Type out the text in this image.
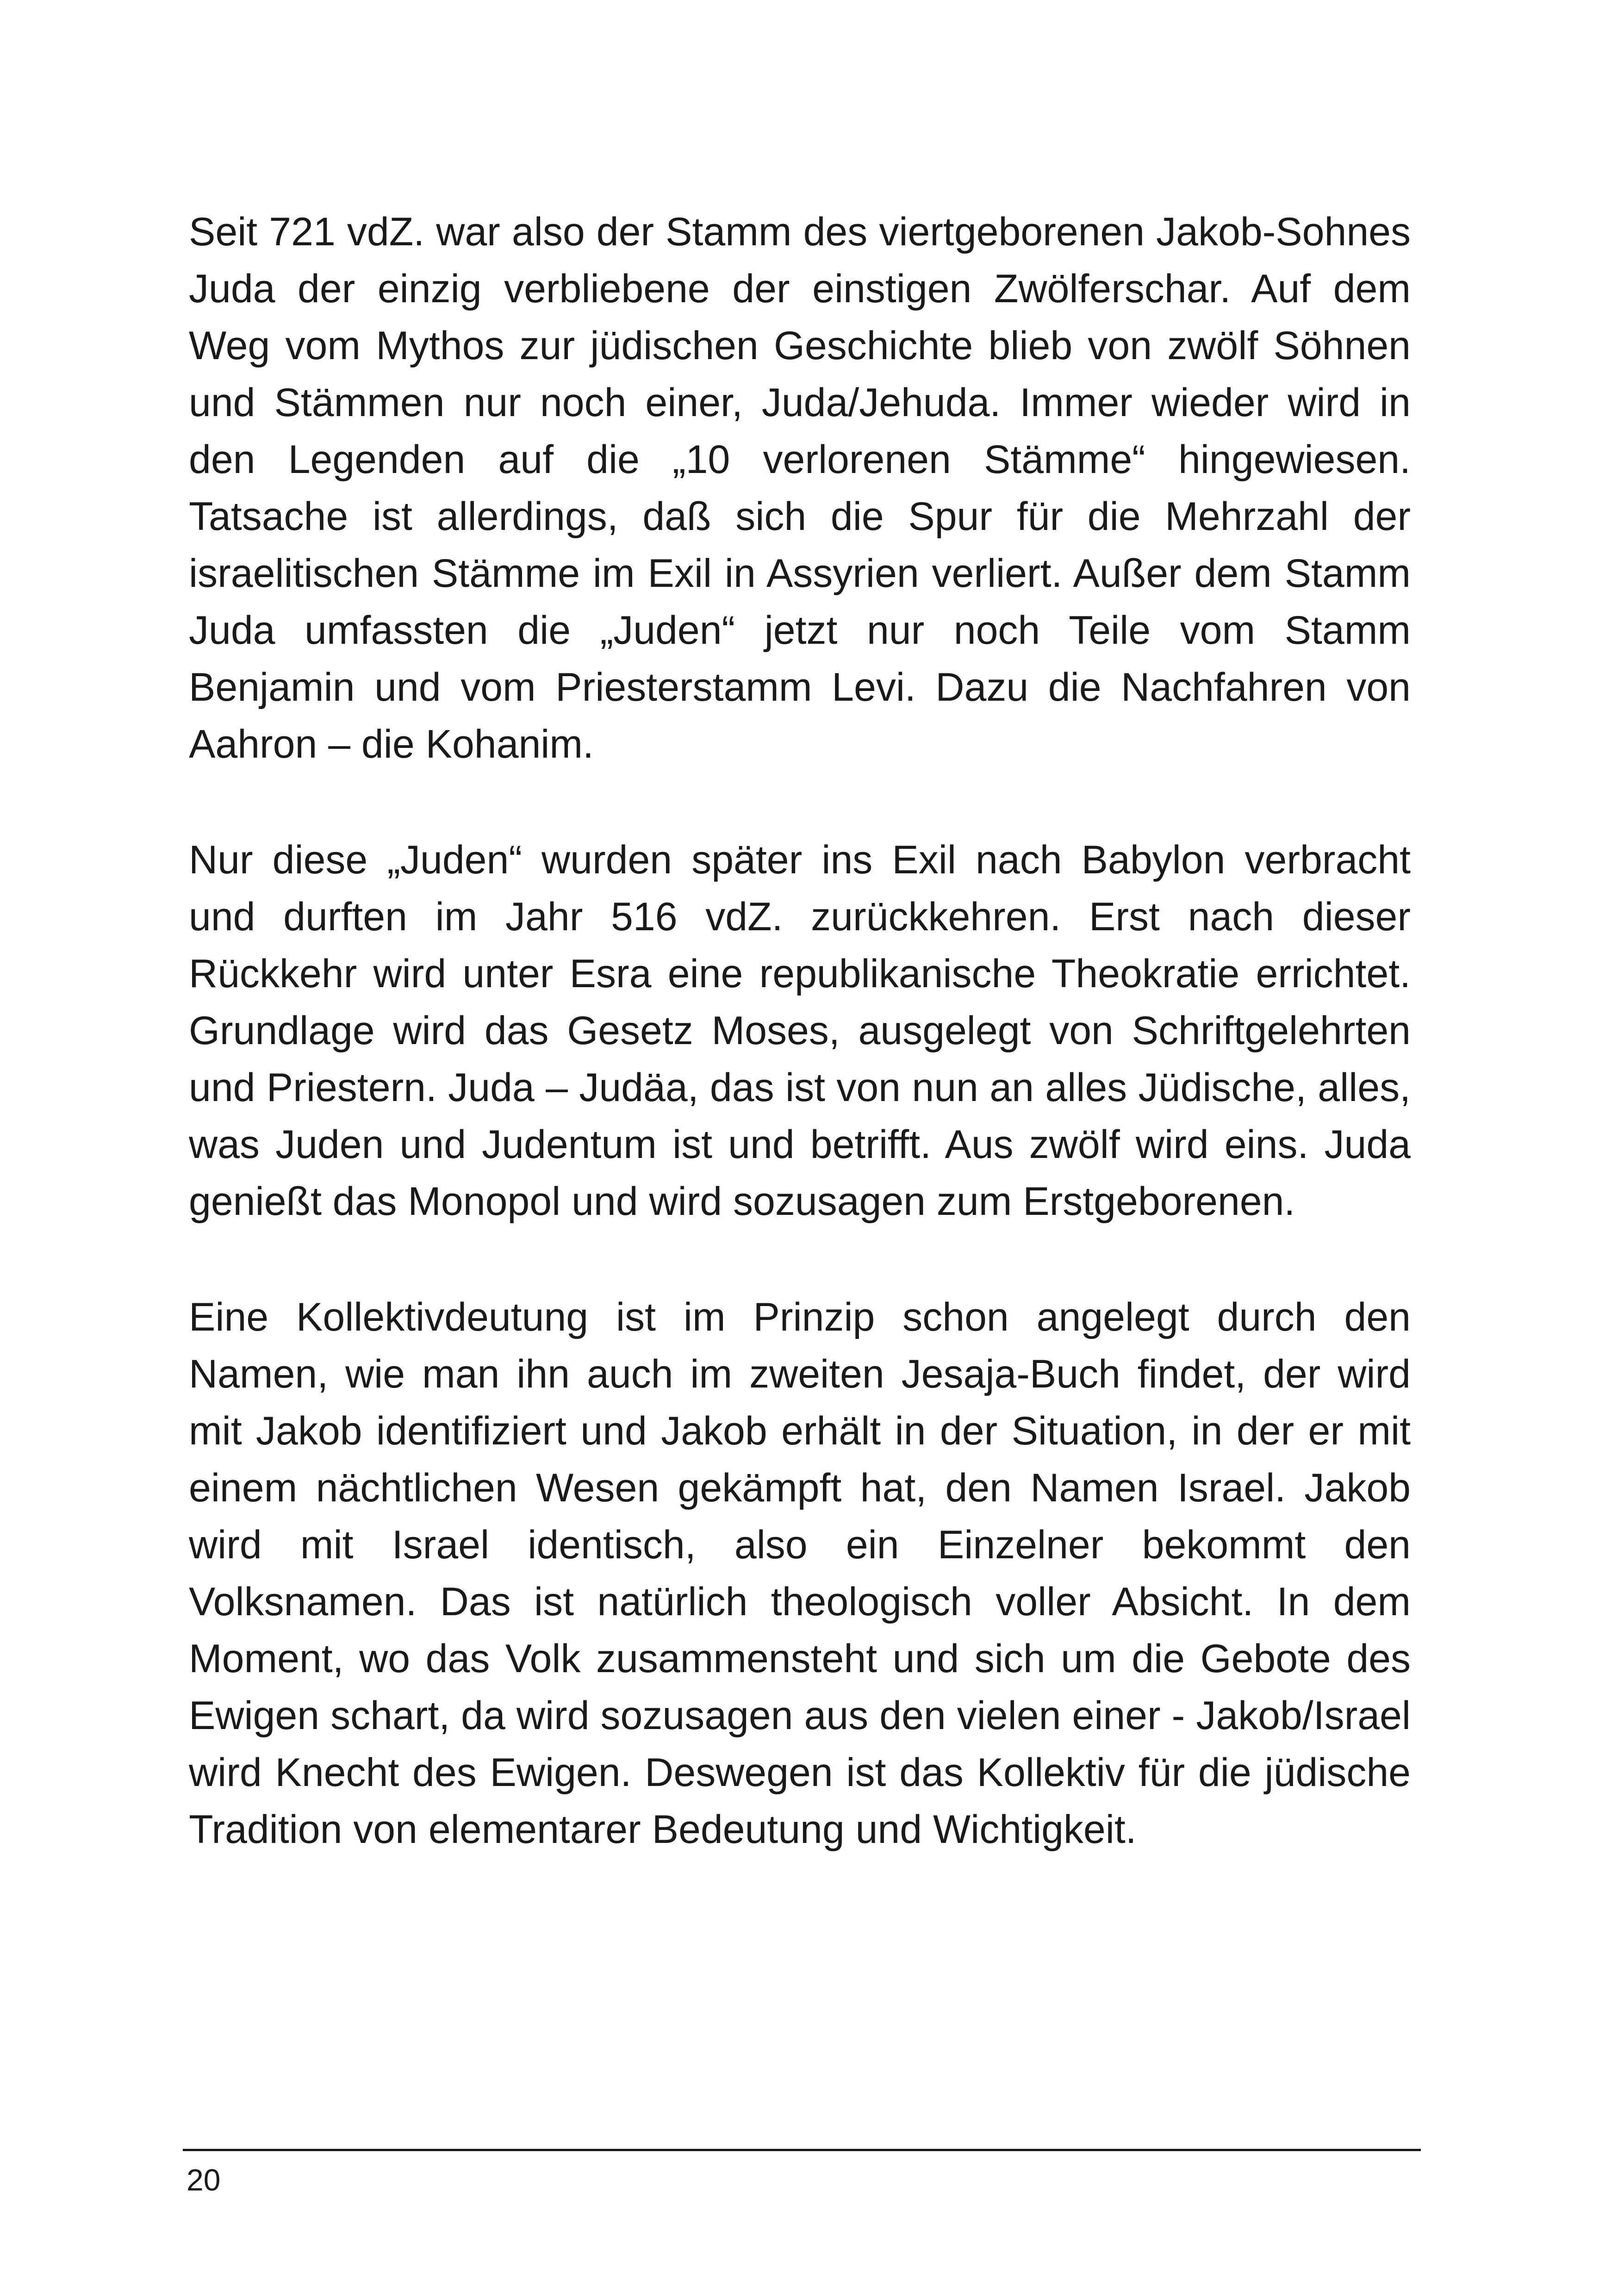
Seit 721 vdZ. war also der Stamm des viertgeborenen Jakob-Sohnes Juda der einzig verbliebene der einstigen Zwölferschar. Auf dem Weg vom Mythos zur jüdischen Geschichte blieb von zwölf Söhnen und Stämmen nur noch einer, Juda/Jehuda. Immer wieder wird in den Legenden auf die „10 verlorenen Stämme“ hingewiesen. Tatsache ist allerdings, daß sich die Spur für die Mehrzahl der israelitischen Stämme im Exil in Assyrien verliert. Außer dem Stamm Juda umfassten die „Juden“ jetzt nur noch Teile vom Stamm Benjamin und vom Priesterstamm Levi. Dazu die Nachfahren von Aahron – die Kohanim.

Nur diese „Juden“ wurden später ins Exil nach Babylon verbracht und durften im Jahr 516 vdZ. zurückkehren. Erst nach dieser Rückkehr wird unter Esra eine republikanische Theokratie errichtet. Grundlage wird das Gesetz Moses, ausgelegt von Schriftgelehrten und Priestern. Juda – Judäa, das ist von nun an alles Jüdische, alles, was Juden und Judentum ist und betrifft. Aus zwölf wird eins. Juda genießt das Monopol und wird sozusagen zum Erstgeborenen.

Eine Kollektivdeutung ist im Prinzip schon angelegt durch den Namen, wie man ihn auch im zweiten Jesaja-Buch findet, der wird mit Jakob identifiziert und Jakob erhält in der Situation, in der er mit einem nächtlichen Wesen gekämpft hat, den Namen Israel. Jakob wird mit Israel identisch, also ein Einzelner bekommt den Volksnamen. Das ist natürlich theologisch voller Absicht. In dem Moment, wo das Volk zusammensteht und sich um die Gebote des Ewigen schart, da wird sozusagen aus den vielen einer - Jakob/Israel wird Knecht des Ewigen. Deswegen ist das Kollektiv für die jüdische Tradition von elementarer Bedeutung und Wichtigkeit.

20
